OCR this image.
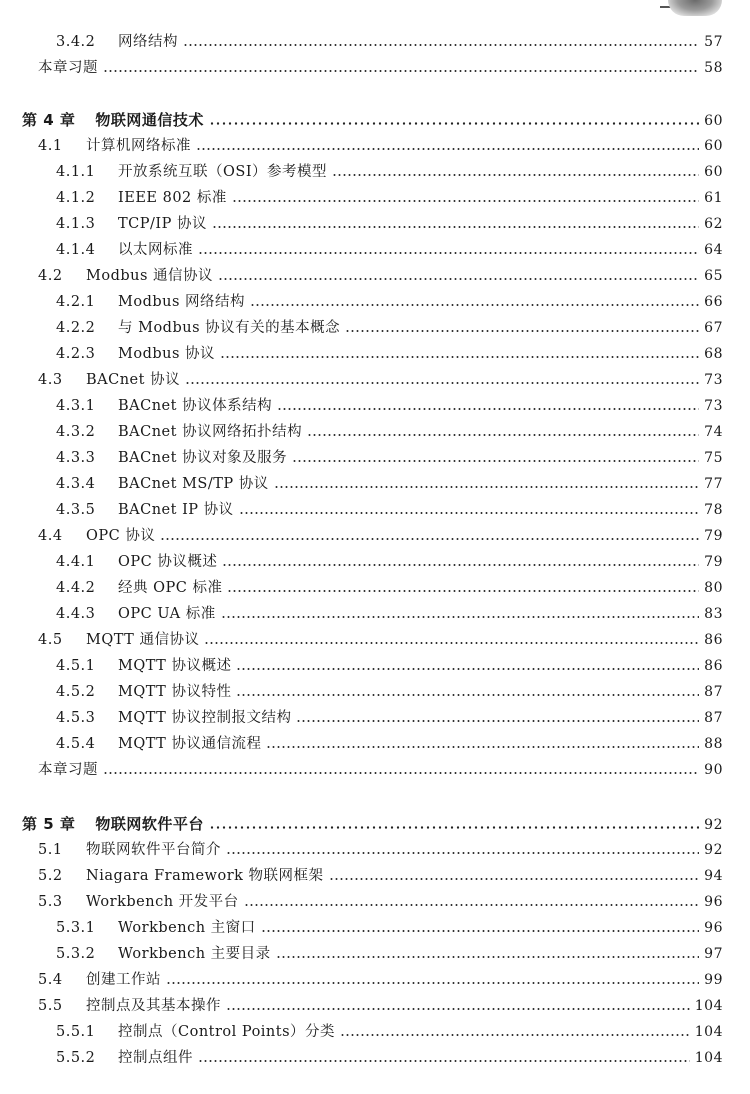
3.4.2	网络结构	57
本章习题	58
第 4 章 物联网通信技术	60
4.1	计算机网络标准	60
4.1.1	开放系统互联（OSI）参考模型	60
4.1.2	IEEE 802 标准	61
4.1.3	TCP/IP 协议	62
4.1.4	以太网标准	64
4.2	Modbus 通信协议	65
4.2.1	Modbus 网络结构	66
4.2.2	与 Modbus 协议有关的基本概念	67
4.2.3	Modbus 协议	68
4.3	BACnet 协议	73
4.3.1	BACnet 协议体系结构	73
4.3.2	BACnet 协议网络拓扑结构	74
4.3.3	BACnet 协议对象及服务	75
4.3.4	BACnet MS/TP 协议	77
4.3.5	BACnet IP 协议	78
4.4	OPC 协议	79
4.4.1	OPC 协议概述	79
4.4.2	经典 OPC 标准	80
4.4.3	OPC UA 标准	83
4.5	MQTT 通信协议	86
4.5.1	MQTT 协议概述	86
4.5.2	MQTT 协议特性	87
4.5.3	MQTT 协议控制报文结构	87
4.5.4	MQTT 协议通信流程	88
本章习题	90
第 5 章 物联网软件平台	92
5.1	物联网软件平台简介	92
5.2	Niagara Framework 物联网框架	94
5.3	Workbench 开发平台	96
5.3.1	Workbench 主窗口	96
5.3.2	Workbench 主要目录	97
5.4	创建工作站	99
5.5	控制点及其基本操作	104
5.5.1	控制点（Control Points）分类	104
5.5.2	控制点组件	104
